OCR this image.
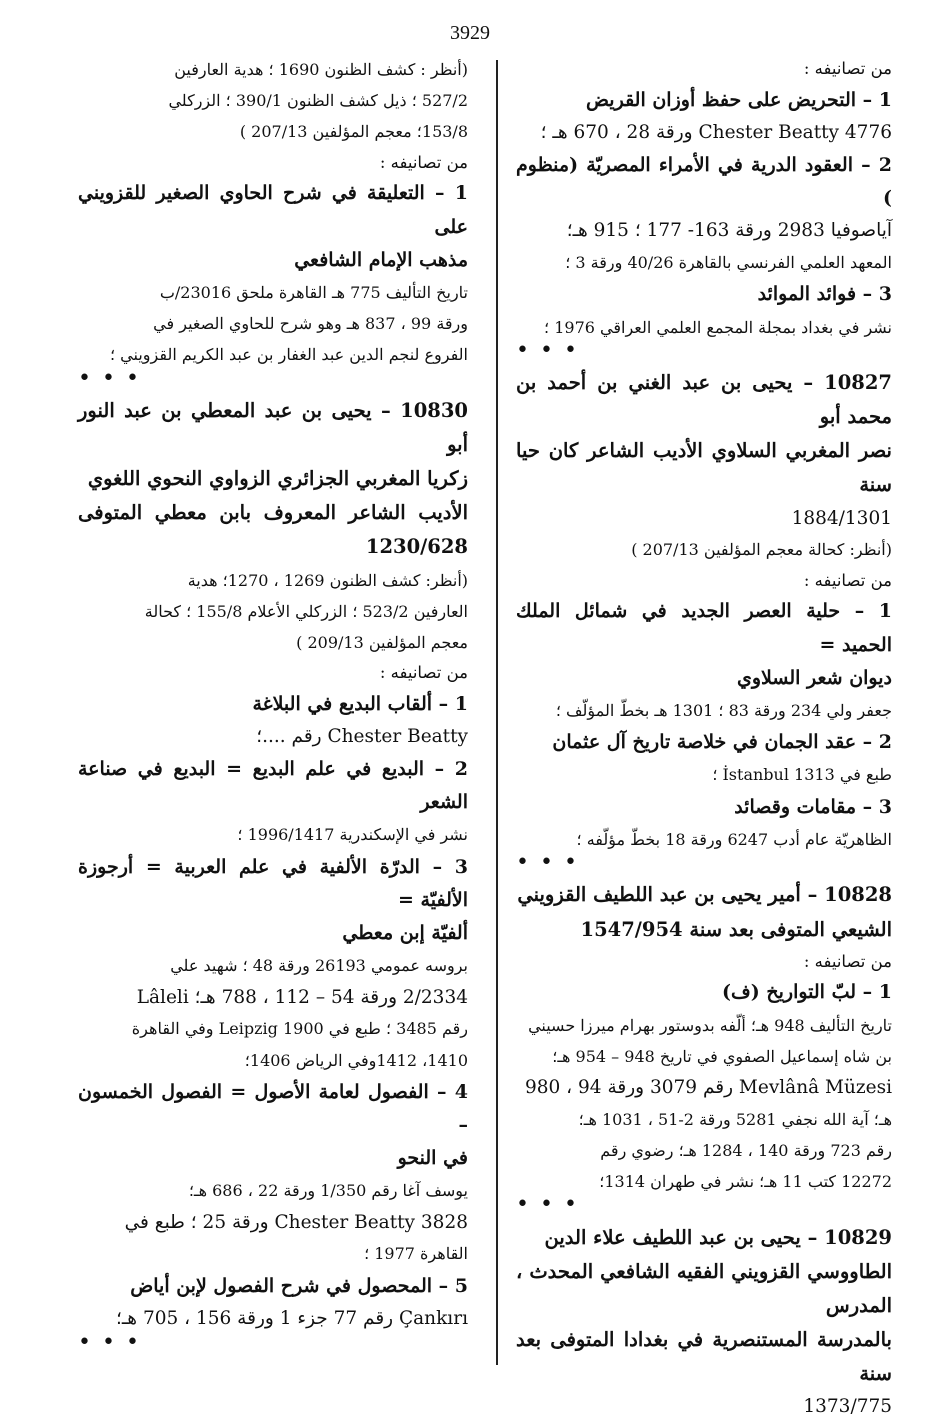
3929

من تصانيفه :

1 – التحريض على حفظ أوزان القريض

4776 Chester Beatty ورقة 28 ، 670 هـ ؛

2 – العقود الدرية في الأمراء المصريّة (منظوم )

آياصوفيا 2983 ورقة 163- 177 ؛ 915 هـ؛

المعهد العلمي الفرنسي بالقاهرة 40/26 ورقة 3 ؛

3 – فوائد الموائد

نشر في بغداد بمجلة المجمع العلمي العراقي 1976 ؛

• • •

10827 – يحيى بن عبد الغني بن أحمد بن محمد أبو

نصر المغربي السلاوي الأديب الشاعر كان حيا سنة

1884/1301

(أنظر: كحالة معجم المؤلفين 207/13 )

من تصانيفه :

1 – حلية العصر الجديد في شمائل الملك الحميد =

ديوان شعر السلاوي

جعفر ولي 234 ورقة 83 ؛ 1301 هـ بخطّ المؤلّف ؛

2 – عقد الجمان في خلاصة تاريخ آل عثمان

طبع في İstanbul 1313 ؛

3 – مقامات وقصائد

الظاهريّة عام أدب 6247 ورقة 18 بخطّ مؤلّفه ؛

• • •

10828 – أمير يحيى بن عبد اللطيف القزويني

الشيعي المتوفى بعد سنة 1547/954

من تصانيفه :

1 – لبّ التواريخ (ف)

تاريخ التأليف 948 هـ؛ ألّفه بدوستور بهرام ميرزا حسيني

بن شاه إسماعيل الصفوي في تاريخ 948 – 954 هـ؛

Mevlânâ Müzesi رقم 3079 ورقة 94 ، 980

هـ؛ آية الله نجفي 5281 ورقة 2-51 ، 1031 هـ؛

رقم 723 ورقة 140 ، 1284 هـ؛ رضوي رقم

12272 كتب 11 هـ؛ نشر في طهران 1314؛

• • •

10829 – يحيى بن عبد اللطيف علاء الدين

الطاووسي القزويني الفقيه الشافعي المحدث ، المدرس

بالمدرسة المستنصرية في بغدادا المتوفى بعد سنة

1373/775

(أنظر : كشف الظنون 1690 ؛ هدية العارفين

527/2 ؛ ذيل كشف الظنون 390/1 ؛ الزركلي

153/8؛ معجم المؤلفين 207/13 )

من تصانيفه :

1 – التعليقة في شرح الحاوي الصغير للقزويني على

مذهب الإمام الشافعي

تاريخ التأليف 775 هـ القاهرة ملحق 23016/ب

ورقة 99 ، 837 هـ وهو شرح للحاوي الصغير في

الفروع لنجم الدين عبد الغفار بن عبد الكريم القزويني ؛

• • •

10830 – يحيى بن عبد المعطي بن عبد النور أبو

زكريا المغربي الجزائري الزواوي النحوي اللغوي

الأديب الشاعر المعروف بابن معطي المتوفى 1230/628

(أنظر: كشف الظنون 1269 ، 1270؛ هدية

العارفين 523/2 ؛ الزركلي الأعلام 155/8 ؛ كحالة

معجم المؤلفين 209/13 )

من تصانيفه :

1 – ألقاب البديع في البلاغة

Chester Beatty رقم ....؛

2 – البديع في علم البديع = البديع في صناعة الشعر

نشر في الإسكندرية 1996/1417 ؛

3 – الدرّة الألفية في علم العربية = أرجوزة الألفيّة =

ألفيّة إبن معطي

بروسه عمومي 26193 ورقة 48 ؛ شهيد علي

2/2334 ورقة 54 – 112 ، 788 هـ؛ Lâleli

رقم 3485 ؛ طبع في Leipzig 1900 وفي القاهرة

1410، 1412وفي الرياض 1406؛

4 – الفصول لعامة الأصول = الفصول الخمسون –

في النحو

يوسف آغا رقم 1/350 ورقة 22 ، 686 هـ؛

3828 Chester Beatty ورقة 25 ؛ طبع في

القاهرة 1977 ؛

5 – المحصول في شرح الفصول لإبن أياض

Çankırı رقم 77 جزء 1 ورقة 156 ، 705 هـ؛

• • •
